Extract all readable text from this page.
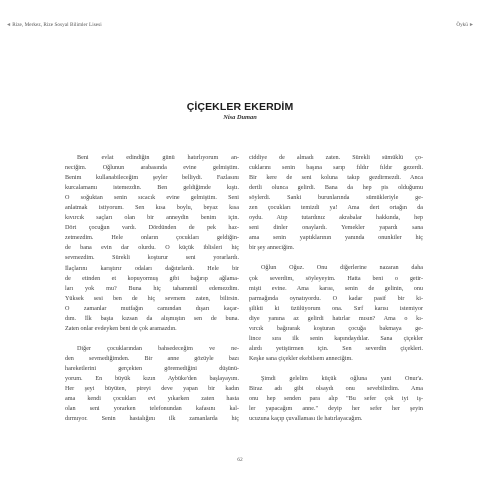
◄Rize, Merkez, Rize Sosyal Bilimler Lisesi	Öykü►
ÇİÇEKLER EKERDİM
Nisa Duman

Beni evlat edindiğin günü hatırlıyorum an-

neciğim. Oğlunun arabasında evine gelmiştim.

Benim kullanabileceğim şeyler belliydi. Fazlasını

kurcalamamı istemezdin. Ben geldiğimde kıştı.

O soğuktan senin sıcacık evine gelmiştim. Seni

anlatmak istiyorum. Sen kısa boylu, beyaz kısa

kıvırcık saçları olan bir anneydin benim için.

Dört çocuğun vardı. Dördünden de pek haz-

zetmezdim. Hele onların çocukları geldiğin-

de bana evin dar olurdu. O küçük iblisleri hiç

sevmezdim. Sürekli koşturur seni yorarlardı.

İlaçlarını karıştırır odaları dağıtırlardı. Hele bir

de etinden et kopuyormuş gibi bağırıp ağlama-

ları yok mu? Buna hiç tahammül edemezdim.

Yüksek sesi ben de hiç sevmem zaten, bilirsin.

O zamanlar mutfağın camından dışarı kaçar-

dım. İlk başta kızsan da alışmıştın sen de buna.

Zaten onlar evdeyken beni de çok aramazdın.

Diğer çocuklarından bahsedeceğim ve ne-

den sevmediğimden. Bir anne gözüyle bazı

hareketlerini gerçekten göremediğini düşünü-

yorum. En büyük kızın Aybüke'den başlayayım.

Her şeyi büyüten, pireyi deve yapan bir kadın

ama kendi çocukları evi yıkarken zaten hasta

olan seni yorarken telefonundan kafasını kal-

dırmıyor. Senin hastalığını ilk zamanlarda hiç

ciddiye de almadı zaten. Sürekli sümüklü ço-

cuklarını senin başına sarıp fıldır fıldır gezerdi.

Bir kere de seni koluna takıp gezdirmezdi. Anca

dertli olunca gelirdi. Bana da hep pis olduğumu

söylerdi. Sanki burunlarında sümükleriyle ge-

zen çocukları temizdi ya! Ama dert ortağın da

oydu. Atıp tutardınız akrabalar hakkında, hep

seni dinler onaylardı. Yemekler yapardı sana

ama senin yaptıklarının yanında onunkiler hiç

bir şey anneciğim.

Oğlun Oğuz. Onu diğerlerine nazaran daha

çok severdim, söyleyeyim. Hatta beni o getir-

mişti evine. Ama karısı, senin de gelinin, onu

parmağında oynatıyordu. O kadar pasif bir ki-

şilikti ki üzülüyorum ona. Sırf karısı istemiyor

diye yanına az gelirdi hatırlar mısın? Ama o kı-

vırcık bağırarak koşturan çocuğa bakmaya ge-

lince sıra ilk senin kapındaydılar. Sana çiçekler

alırdı yetiştirmen için. Sen severdin çiçekleri.

Keşke sana çiçekler ekebilsem anneciğim.

Şimdi gelelim küçük oğluna yani Onur'a.

Biraz adı gibi olsaydı onu sevebilirdim. Ama

onu hep senden para alıp "Bu sefer çok iyi iş-

ler yapacağım anne." deyip her sefer her şeyin

ucuzuna kaçıp çuvallaması ile hatırlayacağım.

62
